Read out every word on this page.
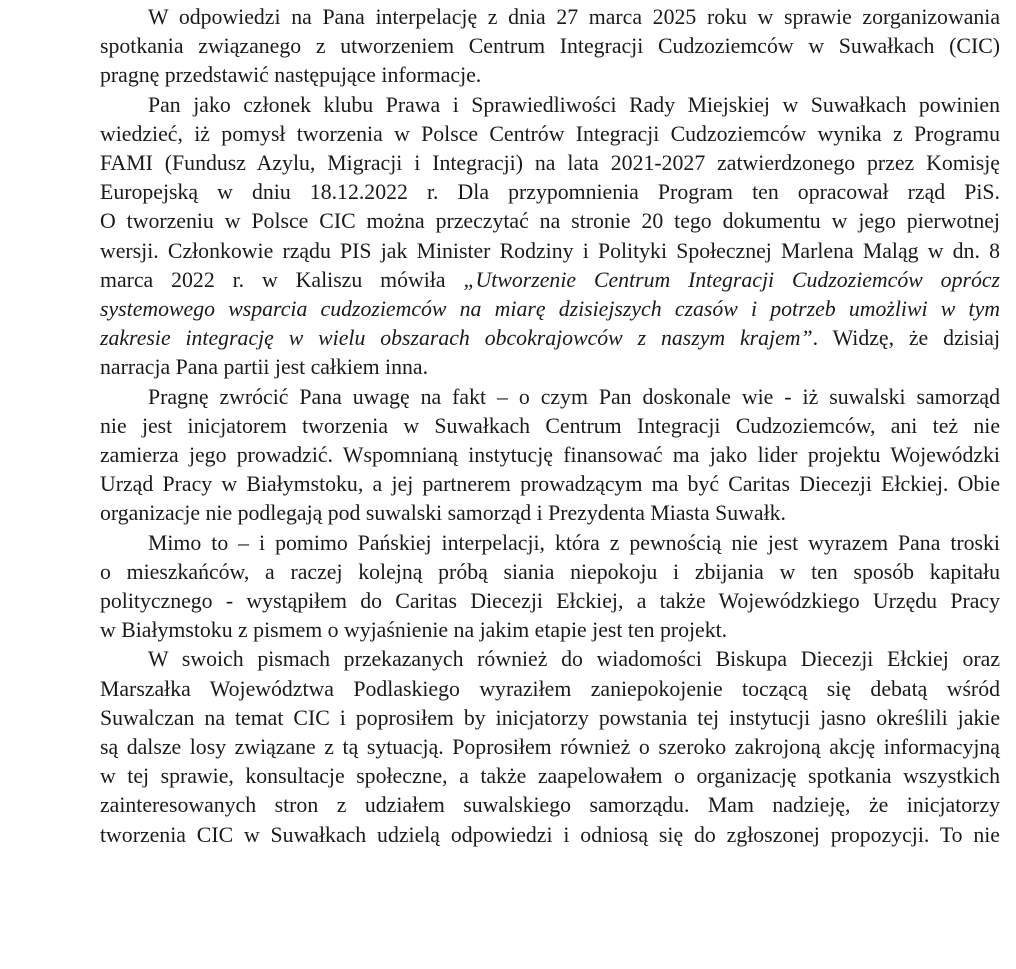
W odpowiedzi na Pana interpelację z dnia 27 marca 2025 roku w sprawie zorganizowania
spotkania związanego z utworzeniem Centrum Integracji Cudzoziemców w Suwałkach (CIC)
pragnę przedstawić następujące informacje.
Pan jako członek klubu Prawa i Sprawiedliwości Rady Miejskiej w Suwałkach powinien
wiedzieć, iż pomysł tworzenia w Polsce Centrów Integracji Cudzoziemców wynika z Programu
FAMI (Fundusz Azylu, Migracji i Integracji) na lata 2021-2027 zatwierdzonego przez Komisję
Europejską w dniu 18.12.2022 r. Dla przypomnienia Program ten opracował rząd PiS.
O tworzeniu w Polsce CIC można przeczytać na stronie 20 tego dokumentu w jego pierwotnej
wersji. Członkowie rządu PIS jak Minister Rodziny i Polityki Społecznej Marlena Maląg w dn. 8
marca 2022 r. w Kaliszu mówiła „Utworzenie Centrum Integracji Cudzoziemców oprócz
systemowego wsparcia cudzoziemców na miarę dzisiejszych czasów i potrzeb umożliwi w tym
zakresie integrację w wielu obszarach obcokrajowców z naszym krajem”. Widzę, że dzisiaj
narracja Pana partii jest całkiem inna.
Pragnę zwrócić Pana uwagę na fakt – o czym Pan doskonale wie - iż suwalski samorząd
nie jest inicjatorem tworzenia w Suwałkach Centrum Integracji Cudzoziemców, ani też nie
zamierza jego prowadzić. Wspomnianą instytucję finansować ma jako lider projektu Wojewódzki
Urząd Pracy w Białymstoku, a jej partnerem prowadzącym ma być Caritas Diecezji Ełckiej. Obie
organizacje nie podlegają pod suwalski samorząd i Prezydenta Miasta Suwałk.
Mimo to – i pomimo Pańskiej interpelacji, która z pewnością nie jest wyrazem Pana troski
o mieszkańców, a raczej kolejną próbą siania niepokoju i zbijania w ten sposób kapitału
politycznego - wystąpiłem do Caritas Diecezji Ełckiej, a także Wojewódzkiego Urzędu Pracy
w Białymstoku z pismem o wyjaśnienie na jakim etapie jest ten projekt.
W swoich pismach przekazanych również do wiadomości Biskupa Diecezji Ełckiej oraz
Marszałka Województwa Podlaskiego wyraziłem zaniepokojenie toczącą się debatą wśród
Suwalczan na temat CIC i poprosiłem by inicjatorzy powstania tej instytucji jasno określili jakie
są dalsze losy związane z tą sytuacją. Poprosiłem również o szeroko zakrojoną akcję informacyjną
w tej sprawie, konsultacje społeczne, a także zaapelowałem o organizację spotkania wszystkich
zainteresowanych stron z udziałem suwalskiego samorządu. Mam nadzieję, że inicjatorzy
tworzenia CIC w Suwałkach udzielą odpowiedzi i odniosą się do zgłoszonej propozycji. To nie
